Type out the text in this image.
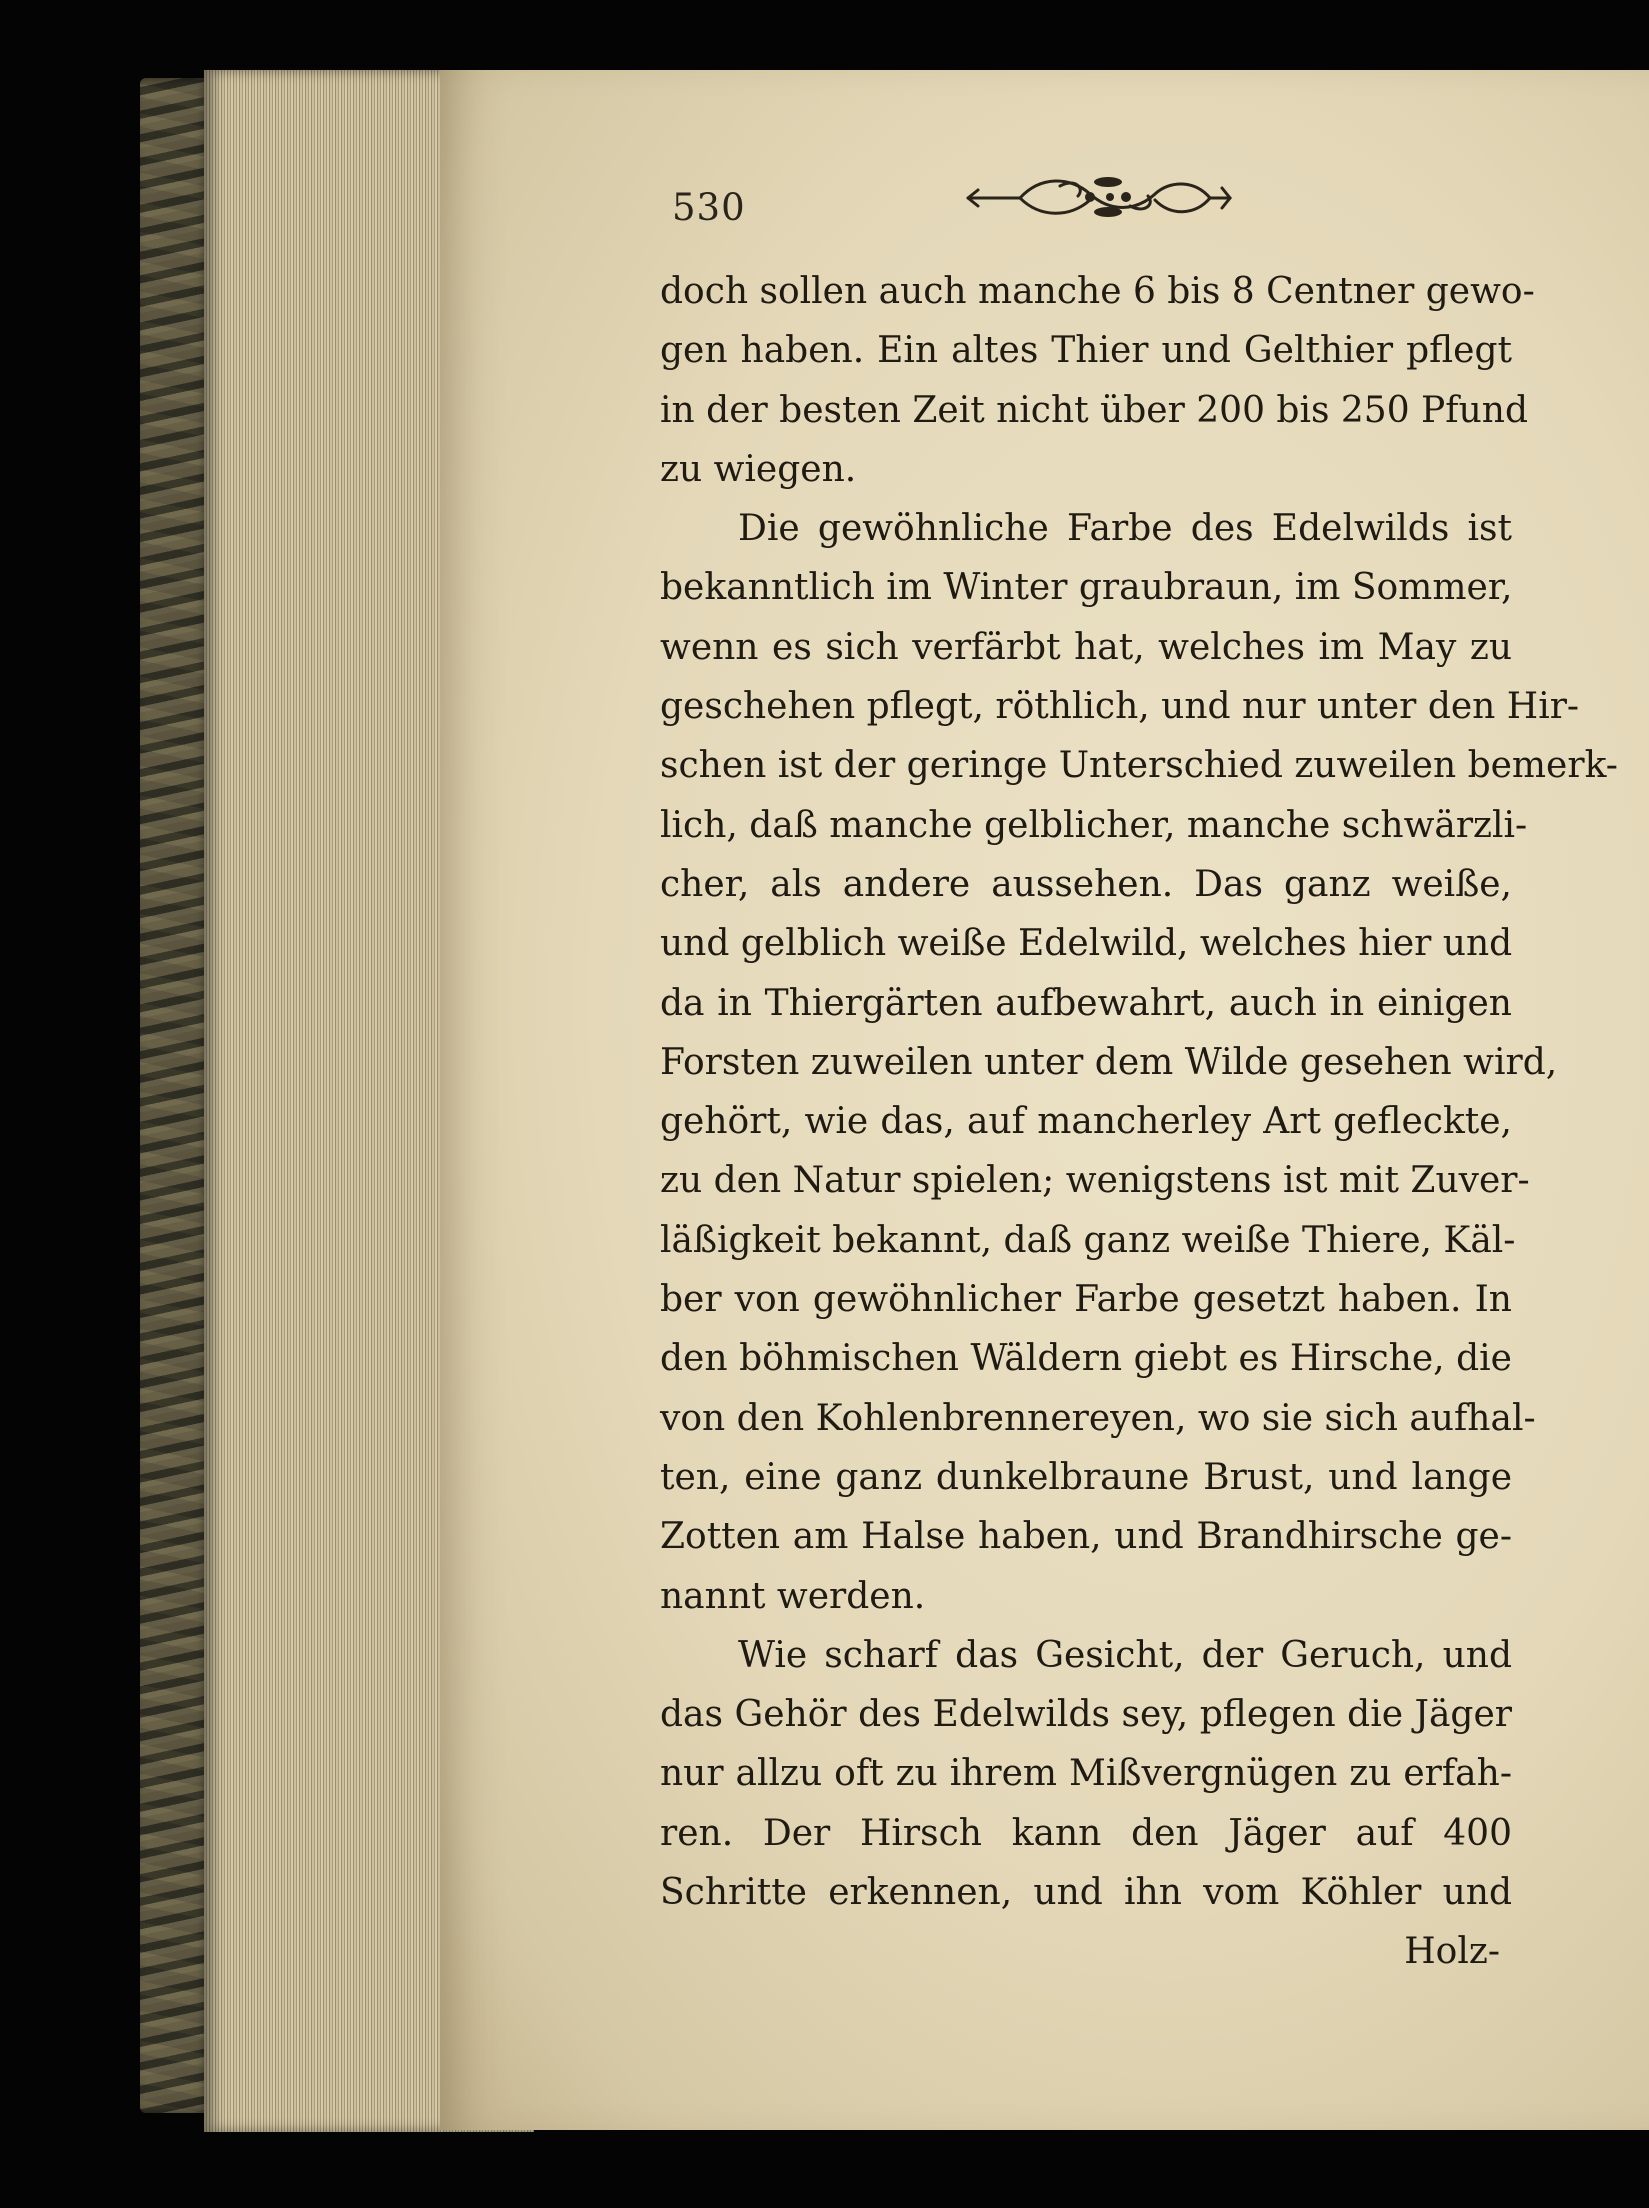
530
doch sollen auch manche 6 bis 8 Centner gewo-
gen haben. Ein altes Thier und Gelthier pflegt
in der besten Zeit nicht über 200 bis 250 Pfund
zu wiegen.
Die gewöhnliche Farbe des Edelwilds ist
bekanntlich im Winter graubraun, im Sommer,
wenn es sich verfärbt hat, welches im May zu
geschehen pflegt, röthlich, und nur unter den Hir-
schen ist der geringe Unterschied zuweilen bemerk-
lich, daß manche gelblicher, manche schwärzli-
cher, als andere aussehen. Das ganz weiße,
und gelblich weiße Edelwild, welches hier und
da in Thiergärten aufbewahrt, auch in einigen
Forsten zuweilen unter dem Wilde gesehen wird,
gehört, wie das, auf mancherley Art gefleckte,
zu den Natur spielen; wenigstens ist mit Zuver-
läßigkeit bekannt, daß ganz weiße Thiere, Käl-
ber von gewöhnlicher Farbe gesetzt haben. In
den böhmischen Wäldern giebt es Hirsche, die
von den Kohlenbrennereyen, wo sie sich aufhal-
ten, eine ganz dunkelbraune Brust, und lange
Zotten am Halse haben, und Brandhirsche ge-
nannt werden.
Wie scharf das Gesicht, der Geruch, und
das Gehör des Edelwilds sey, pflegen die Jäger
nur allzu oft zu ihrem Mißvergnügen zu erfah-
ren. Der Hirsch kann den Jäger auf 400
Schritte erkennen, und ihn vom Köhler und
Holz-
